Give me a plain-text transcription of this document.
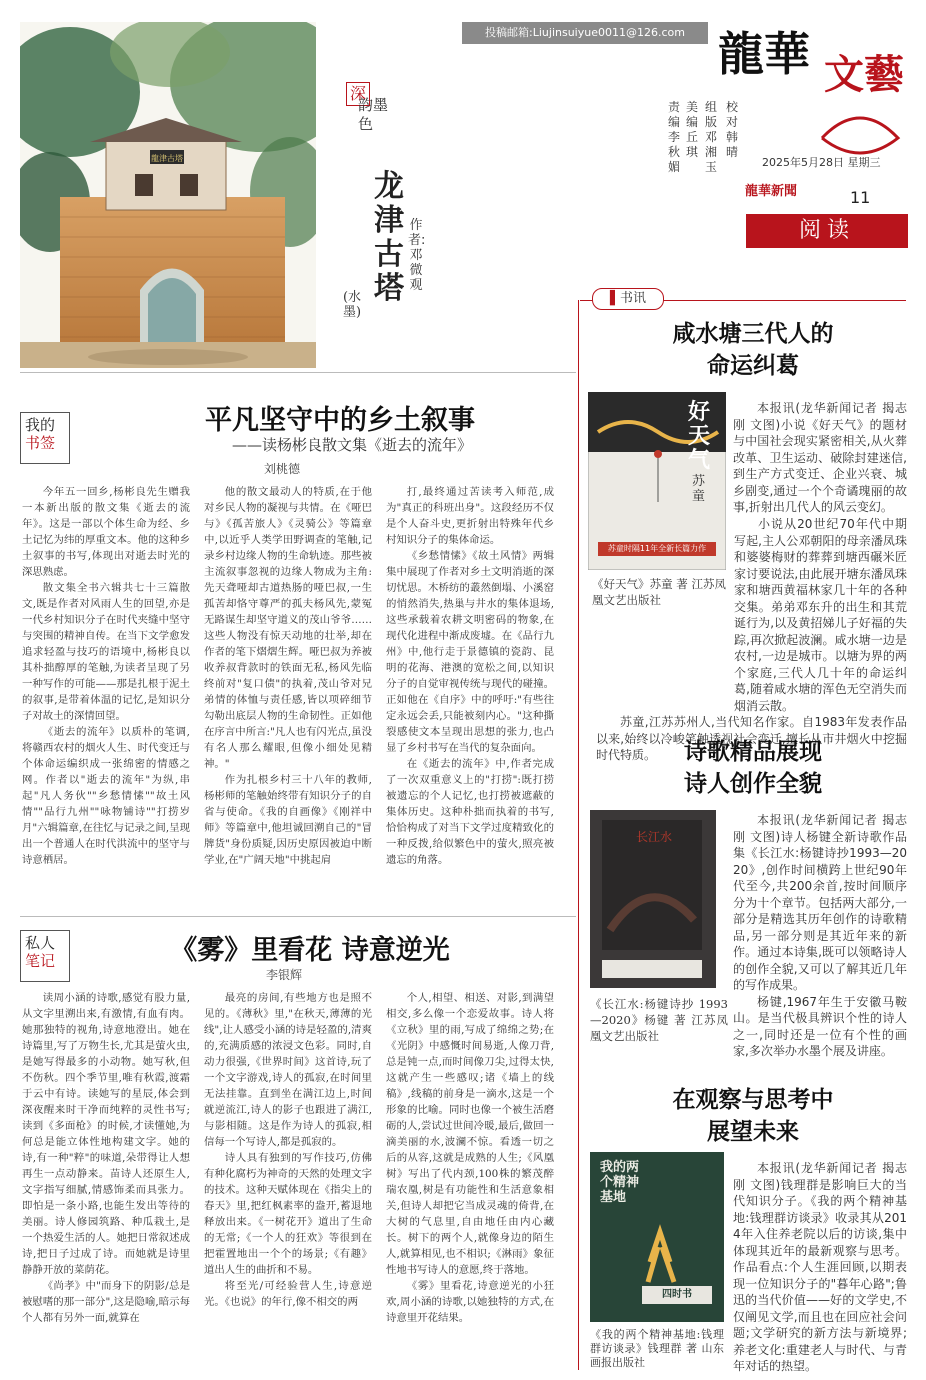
投稿邮箱:Liujinsuiyue0011@126.com 龍華 文藝
组版 邓湘玉
校对 韩 晴
责编 李秋媚
美编 丘 琪
2025年5月28日 星期三
龍華新聞	11
阅读
龍津古塔
深
韵墨色
龙津古塔
(水墨)
作者:邓微观
我的
书签
平凡坚守中的乡土叙事
——读杨彬良散文集《逝去的流年》
刘桃德

今年五一回乡,杨彬良先生赠我一本新出版的散文集《逝去的流年》。这是一部以个体生命为经、乡土记忆为纬的厚重文本。他的这种乡土叙事的书写,体现出对逝去时光的深思熟虑。

散文集全书六辑共七十三篇散文,既是作者对风雨人生的回望,亦是一代乡村知识分子在时代夹缝中坚守与突围的精神自传。在当下文学愈发追求轻盈与技巧的语境中,杨彬良以其朴拙醇厚的笔触,为读者呈现了另一种写作的可能——那是扎根于泥土的叙事,是带着体温的记忆,是知识分子对故土的深情回望。

《逝去的流年》以质朴的笔调,将赣西农村的烟火人生、时代变迁与个体命运编织成一张绵密的情感之网。作者以"逝去的流年"为纵,串起"凡人务伙""乡愁情愫""故土风情""品行九州""咏物铺诗""打捞岁月"六辑篇章,在往忆与记录之间,呈现出一个普通人在时代洪流中的坚守与诗意栖居。

他的散文最动人的特质,在于他对乡民人物的凝视与共情。在《哑巴与》《孤苦旅人》《灵骑公》等篇章中,以近乎人类学田野调查的笔触,记录乡村边缘人物的生命轨迹。那些被主流叙事忽视的边缘人物成为主角:先天聋哑却古道热肠的哑巴叔,一生孤苦却恪守尊严的孤夫杨风先,蒙冤无路谋生却坚守道义的茂山爷爷……这些人物没有惊天动地的壮举,却在作者的笔下熠熠生辉。哑巴叔为养被收养叔背款时的铁面无私,杨风先临终前对"复口债"的执着,茂山爷对兄弟情的体恤与责任感,皆以项碎细节勾勒出底层人物的生命韧性。正如他在序言中所言:"凡人也有闪光点,虽没有名人那么耀眼,但像小细处见精神。"

作为扎根乡村三十八年的教师,杨彬师的笔触始终带有知识分子的自省与使命。《我的自画像》《刚祥中师》等篇章中,他坦诚回溯自己的"冒牌货"身份质疑,因历史原因被迫中断学业,在"广阔天地"中挑起肩

打,最终通过苦读考入师范,成为"真正的科班出身"。这段经历不仅是个人奋斗史,更折射出特殊年代乡村知识分子的集体命运。

《乡愁情愫》《故土风情》两辑集中展现了作者对乡土文明消逝的深切忧思。木桥纺的叢然倒塌、小溪窑的悄然消失,热巢与井水的集体退场,这些承载着农耕文明密码的物象,在现代化进程中渐成废墟。在《品行九州》中,他行走于景德镇的瓷韵、昆明的花海、港澳的宽松之间,以知识分子的自觉审视传统与现代的碰撞。正如他在《自序》中的呼吁:"有些往定永远会丢,只能被刻内心。"这种撕裂感使文本呈现出思想的张力,也凸显了乡村书写在当代的复杂面向。

在《逝去的流年》中,作者完成了一次双重意义上的"打捞":既打捞被遗忘的个人记忆,也打捞被遮蔽的集体历史。这种朴拙而执着的书写,恰恰构成了对当下文学过度精致化的一种反拨,给似繁色中的萤火,照亮被遗忘的角落。

私人
笔记	《雾》里看花 诗意逆光
李银辉

读周小涵的诗歌,感觉有股力量,从文字里溯出来,有激情,有血有肉。她那独特的视角,诗意地澄出。她在诗篇里,写了万物生长,尤其是萤火虫,是她写得最多的小动物。她写秋,但不伤秋。四个季节里,唯有秋霞,渡霜于云中有诗。读她写的星辰,体会到深夜醒来时干净而纯粹的灵性书写;读到《多面枪》的时候,才读懂她,为何总是能立体性地构建文字。她的诗,有一种"粹"的味道,朵带得让人想再生一点动静来。苗诗人还原生人,文字指写细腻,情感饰柔而具张力。即怕是一条小路,也能生发出等待的美丽。诗人修园筑路、种瓜栽土,是一个热爱生活的人。她把日常叙述成诗,把日子过成了诗。而她就是诗里静静开放的菜荫花。

《尚孝》中"而身下的阴影/总是被慰嗜的那一部分",这是隐喻,暗示每个人都有另外一面,就算在

最亮的房间,有些地方也是照不见的。《薄秋》里,"在秋天,薄薄的光线",让人感受小涵的诗是轻盈的,清爽的,充满质感的浓浸文色彩。同时,自动力很强,《世界时间》这首诗,玩了一个文字游戏,诗人的孤寂,在时间里无法挂靠。直到坐在满江边上,时间就逆流江,诗人的影子也跟进了满江,与影相随。这是作为诗人的孤寂,相信每一个写诗人,都是孤寂的。

诗人具有独到的写作技巧,仿佛有种化腐朽为神奇的天然的处理文字的技术。这种天赋体现在《指尖上的春天》里,把红枫素率的盎开,蓄退地释放出来。《一树花开》道出了生命的无常;《一个人的狂欢》等很到在把霍置地出一个个的场景;《有趣》道出人生的曲折和不易。

将至光/可经验营人生,诗意逆光。《也说》的年行,像不相交的两

个人,相望、相送、对影,到满望相交,多么像一个恋爱故事。诗人将《立秋》里的雨,写成了绵绵之势;在《光阴》中感慨时间易逝,人像刀背,总是钝一点,而时间像刀尖,过得太快,这就产生一些感叹;诸《墙上的线稿》,线稿的前身是一滴水,这是一个形象的比喻。同时也像一个被生活磨砺的人,尝试过世间冷暖,最后,做回一滴美丽的水,波澜不惊。看透一切之后的从容,这就是成熟的人生;《风凰树》写出了代内颈,100株的繁茂醉瑞农凰,树是有功能性和生活意象相关,但诗人却把它当成灵魂的倚背,在大树的气息里,自由地任由内心藏长。树下的两个人,就像身边的陌生人,就算相见,也不相识;《淋雨》象征性地书写诗人的意愿,终于落地。

《雾》里看花,诗意逆光的小狂欢,周小涵的诗歌,以她独特的方式,在诗意里开花结果。

▌书讯
咸水塘三代人的
命运纠葛
好天气
苏童
苏童时隔11年全新长篇力作
《好天气》苏童 著 江苏凤凰文艺出版社

本报讯(龙华新闻记者 揭志刚 文图)小说《好天气》的题材与中国社会现实紧密相关,从火葬改革、卫生运动、破除封建迷信,到生产方式变迁、企业兴衰、城乡剧变,通过一个个奇谲瑰丽的故事,折射出几代人的风云变幻。

小说从20世纪70年代中期写起,主人公邓朝阳的母亲潘凤珠和婆婆梅财的葬葬到塘西碾米匠家讨要说法,由此展开塘东潘凤珠家和塘西黄福林家几十年的各种交集。弟弟邓东升的出生和其荒诞行为,以及黄招娣儿子好福的失踪,再次掀起波澜。咸水塘一边是农村,一边是城市。以塘为界的两个家庭,三代人几十年的命运纠葛,随着咸水塘的浑色无空消失而烟消云散。

苏童,江苏苏州人,当代知名作家。自1983年发表作品以来,始终以冷峻笔触透视社会变迁,擅长从市井烟火中挖掘时代特质。	诗歌精品展现
诗人创作全貌
长江水
《长江水:杨键诗抄 1993—2020》杨键 著 江苏凤凰文艺出版社

本报讯(龙华新闻记者 揭志刚 文图)诗人杨键全新诗歌作品集《长江水:杨键诗抄1993—2020》,创作时间横跨上世纪90年代至今,共200余首,按时间顺序分为十个章节。包括两大部分,一部分是精选其历年创作的诗歌精品,另一部分则是其近年来的新作。通过本诗集,既可以领略诗人的创作全貌,又可以了解其近几年的写作成果。

杨键,1967年生于安徽马鞍山。是当代极具辨识个性的诗人之一,同时还是一位有个性的画家,多次举办水墨个展及讲座。

在观察与思考中
展望未来
我的两个精神基地
四时书
《我的两个精神基地:钱理群访谈录》钱理群 著 山东画报出版社

本报讯(龙华新闻记者 揭志刚 文图)钱理群是影响巨大的当代知识分子。《我的两个精神基地:钱理群访谈录》收录其从2014年入住养老院以后的访谈,集中体现其近年的最新观察与思考。作品看点:个人生涯回顾,以期表现一位知识分子的"暮年心路";鲁迅的当代价值——好的文学史,不仅阐见文学,而且也在回应社会问题;文学研究的新方法与新境界;养老文化:重建老人与时代、与青年对话的热望。
